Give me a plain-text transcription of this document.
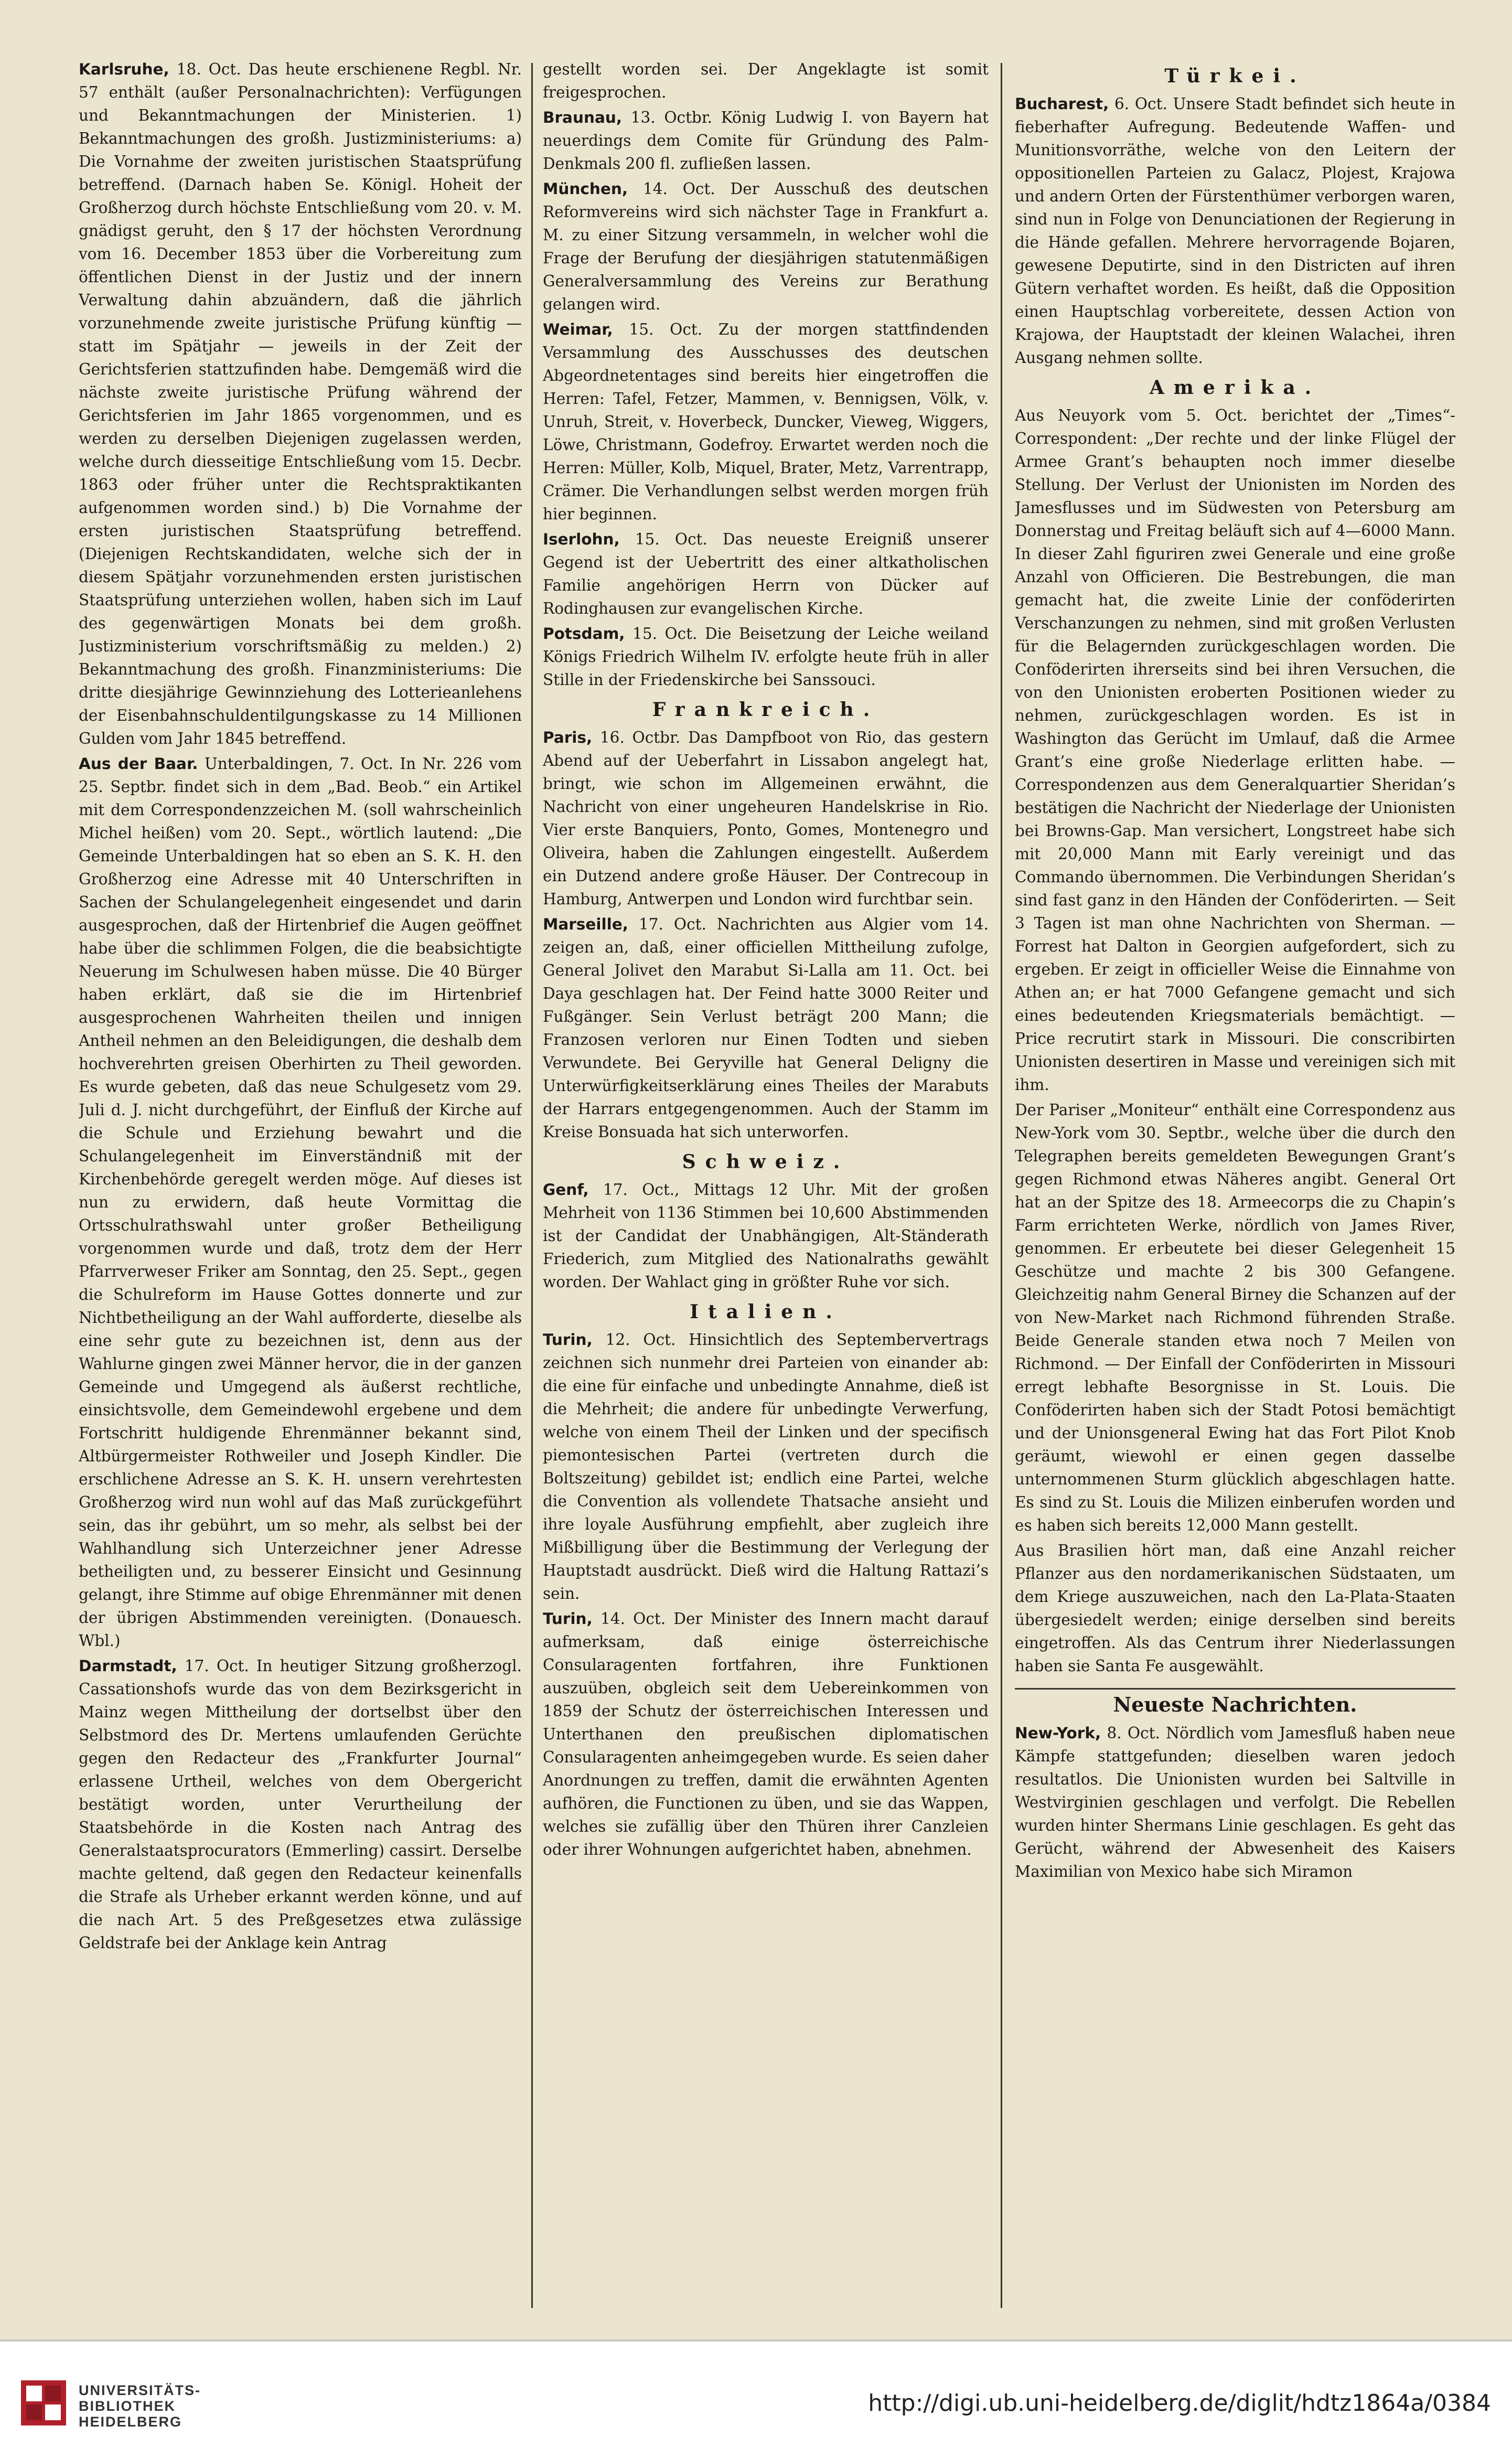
Karlsruhe, 18. Oct. Das heute erschienene Regbl. Nr. 57 enthält (außer Personalnachrichten): Verfügungen und Bekanntmachungen der Ministerien. 1) Bekanntmachungen des großh. Justizministeriums: a) Die Vornahme der zweiten juristischen Staatsprüfung betreffend. (Darnach haben Se. Königl. Hoheit der Großherzog durch höchste Entschließung vom 20. v. M. gnädigst geruht, den § 17 der höchsten Verordnung vom 16. December 1853 über die Vorbereitung zum öffentlichen Dienst in der Justiz und der innern Verwaltung dahin abzuändern, daß die jährlich vorzunehmende zweite juristische Prüfung künftig — statt im Spätjahr — jeweils in der Zeit der Gerichtsferien stattzufinden habe. Demgemäß wird die nächste zweite juristische Prüfung während der Gerichtsferien im Jahr 1865 vorgenommen, und es werden zu derselben Diejenigen zugelassen werden, welche durch diesseitige Entschließung vom 15. Decbr. 1863 oder früher unter die Rechtspraktikanten aufgenommen worden sind.) b) Die Vornahme der ersten juristischen Staatsprüfung betreffend. (Diejenigen Rechtskandidaten, welche sich der in diesem Spätjahr vorzunehmenden ersten juristischen Staatsprüfung unterziehen wollen, haben sich im Lauf des gegenwärtigen Monats bei dem großh. Justizministerium vorschriftsmäßig zu melden.) 2) Bekanntmachung des großh. Finanzministeriums: Die dritte diesjährige Gewinnziehung des Lotterieanlehens der Eisenbahnschuldentilgungskasse zu 14 Millionen Gulden vom Jahr 1845 betreffend.

Aus der Baar. Unterbaldingen, 7. Oct. In Nr. 226 vom 25. Septbr. findet sich in dem „Bad. Beob.“ ein Artikel mit dem Correspondenzzeichen M. (soll wahrscheinlich Michel heißen) vom 20. Sept., wörtlich lautend: „Die Gemeinde Unterbaldingen hat so eben an S. K. H. den Großherzog eine Adresse mit 40 Unterschriften in Sachen der Schulangelegenheit eingesendet und darin ausgesprochen, daß der Hirtenbrief die Augen geöffnet habe über die schlimmen Folgen, die die beabsichtigte Neuerung im Schulwesen haben müsse. Die 40 Bürger haben erklärt, daß sie die im Hirtenbrief ausgesprochenen Wahrheiten theilen und innigen Antheil nehmen an den Beleidigungen, die deshalb dem hochverehrten greisen Oberhirten zu Theil geworden. Es wurde gebeten, daß das neue Schulgesetz vom 29. Juli d. J. nicht durchgeführt, der Einfluß der Kirche auf die Schule und Erziehung bewahrt und die Schulangelegenheit im Einverständniß mit der Kirchenbehörde geregelt werden möge. Auf dieses ist nun zu erwidern, daß heute Vormittag die Ortsschulrathswahl unter großer Betheiligung vorgenommen wurde und daß, trotz dem der Herr Pfarrverweser Friker am Sonntag, den 25. Sept., gegen die Schulreform im Hause Gottes donnerte und zur Nichtbetheiligung an der Wahl aufforderte, dieselbe als eine sehr gute zu bezeichnen ist, denn aus der Wahlurne gingen zwei Männer hervor, die in der ganzen Gemeinde und Umgegend als äußerst rechtliche, einsichtsvolle, dem Gemeindewohl ergebene und dem Fortschritt huldigende Ehrenmänner bekannt sind, Altbürgermeister Rothweiler und Joseph Kindler. Die erschlichene Adresse an S. K. H. unsern verehrtesten Großherzog wird nun wohl auf das Maß zurückgeführt sein, das ihr gebührt, um so mehr, als selbst bei der Wahlhandlung sich Unterzeichner jener Adresse betheiligten und, zu besserer Einsicht und Gesinnung gelangt, ihre Stimme auf obige Ehrenmänner mit denen der übrigen Abstimmenden vereinigten. (Donauesch. Wbl.)

Darmstadt, 17. Oct. In heutiger Sitzung großherzogl. Cassationshofs wurde das von dem Bezirksgericht in Mainz wegen Mittheilung der dortselbst über den Selbstmord des Dr. Mertens umlaufenden Gerüchte gegen den Redacteur des „Frankfurter Journal“ erlassene Urtheil, welches von dem Obergericht bestätigt worden, unter Verurtheilung der Staatsbehörde in die Kosten nach Antrag des Generalstaatsprocurators (Emmerling) cassirt. Derselbe machte geltend, daß gegen den Redacteur keinenfalls die Strafe als Urheber erkannt werden könne, und auf die nach Art. 5 des Preßgesetzes etwa zulässige Geldstrafe bei der Anklage kein Antrag

gestellt worden sei. Der Angeklagte ist somit freigesprochen.

Braunau, 13. Octbr. König Ludwig I. von Bayern hat neuerdings dem Comite für Gründung des Palm-Denkmals 200 fl. zufließen lassen.

München, 14. Oct. Der Ausschuß des deutschen Reformvereins wird sich nächster Tage in Frankfurt a. M. zu einer Sitzung versammeln, in welcher wohl die Frage der Berufung der diesjährigen statutenmäßigen Generalversammlung des Vereins zur Berathung gelangen wird.

Weimar, 15. Oct. Zu der morgen stattfindenden Versammlung des Ausschusses des deutschen Abgeordnetentages sind bereits hier eingetroffen die Herren: Tafel, Fetzer, Mammen, v. Bennigsen, Völk, v. Unruh, Streit, v. Hoverbeck, Duncker, Vieweg, Wiggers, Löwe, Christmann, Godefroy. Erwartet werden noch die Herren: Müller, Kolb, Miquel, Brater, Metz, Varrentrapp, Crämer. Die Verhandlungen selbst werden morgen früh hier beginnen.

Iserlohn, 15. Oct. Das neueste Ereigniß unserer Gegend ist der Uebertritt des einer altkatholischen Familie angehörigen Herrn von Dücker auf Rodinghausen zur evangelischen Kirche.

Potsdam, 15. Oct. Die Beisetzung der Leiche weiland Königs Friedrich Wilhelm IV. erfolgte heute früh in aller Stille in der Friedenskirche bei Sanssouci.

Frankreich.

Paris, 16. Octbr. Das Dampfboot von Rio, das gestern Abend auf der Ueberfahrt in Lissabon angelegt hat, bringt, wie schon im Allgemeinen erwähnt, die Nachricht von einer ungeheuren Handelskrise in Rio. Vier erste Banquiers, Ponto, Gomes, Montenegro und Oliveira, haben die Zahlungen eingestellt. Außerdem ein Dutzend andere große Häuser. Der Contrecoup in Hamburg, Antwerpen und London wird furchtbar sein.

Marseille, 17. Oct. Nachrichten aus Algier vom 14. zeigen an, daß, einer officiellen Mittheilung zufolge, General Jolivet den Marabut Si-Lalla am 11. Oct. bei Daya geschlagen hat. Der Feind hatte 3000 Reiter und Fußgänger. Sein Verlust beträgt 200 Mann; die Franzosen verloren nur Einen Todten und sieben Verwundete. Bei Geryville hat General Deligny die Unterwürfigkeitserklärung eines Theiles der Marabuts der Harrars entgegengenommen. Auch der Stamm im Kreise Bonsuada hat sich unterworfen.

Schweiz.

Genf, 17. Oct., Mittags 12 Uhr. Mit der großen Mehrheit von 1136 Stimmen bei 10,600 Abstimmenden ist der Candidat der Unabhängigen, Alt-Ständerath Friederich, zum Mitglied des Nationalraths gewählt worden. Der Wahlact ging in größter Ruhe vor sich.

Italien.

Turin, 12. Oct. Hinsichtlich des Septembervertrags zeichnen sich nunmehr drei Parteien von einander ab: die eine für einfache und unbedingte Annahme, dieß ist die Mehrheit; die andere für unbedingte Verwerfung, welche von einem Theil der Linken und der specifisch piemontesischen Partei (vertreten durch die Boltszeitung) gebildet ist; endlich eine Partei, welche die Convention als vollendete Thatsache ansieht und ihre loyale Ausführung empfiehlt, aber zugleich ihre Mißbilligung über die Bestimmung der Verlegung der Hauptstadt ausdrückt. Dieß wird die Haltung Rattazi’s sein.

Turin, 14. Oct. Der Minister des Innern macht darauf aufmerksam, daß einige österreichische Consularagenten fortfahren, ihre Funktionen auszuüben, obgleich seit dem Uebereinkommen von 1859 der Schutz der österreichischen Interessen und Unterthanen den preußischen diplomatischen Consularagenten anheimgegeben wurde. Es seien daher Anordnungen zu treffen, damit die erwähnten Agenten aufhören, die Functionen zu üben, und sie das Wappen, welches sie zufällig über den Thüren ihrer Canzleien oder ihrer Wohnungen aufgerichtet haben, abnehmen.

Türkei.

Bucharest, 6. Oct. Unsere Stadt befindet sich heute in fieberhafter Aufregung. Bedeutende Waffen- und Munitionsvorräthe, welche von den Leitern der oppositionellen Parteien zu Galacz, Plojest, Krajowa und andern Orten der Fürstenthümer verborgen waren, sind nun in Folge von Denunciationen der Regierung in die Hände gefallen. Mehrere hervorragende Bojaren, gewesene Deputirte, sind in den Districten auf ihren Gütern verhaftet worden. Es heißt, daß die Opposition einen Hauptschlag vorbereitete, dessen Action von Krajowa, der Hauptstadt der kleinen Walachei, ihren Ausgang nehmen sollte.

Amerika.

Aus Neuyork vom 5. Oct. berichtet der „Times“-Correspondent: „Der rechte und der linke Flügel der Armee Grant’s behaupten noch immer dieselbe Stellung. Der Verlust der Unionisten im Norden des Jamesflusses und im Südwesten von Petersburg am Donnerstag und Freitag beläuft sich auf 4—6000 Mann. In dieser Zahl figuriren zwei Generale und eine große Anzahl von Officieren. Die Bestrebungen, die man gemacht hat, die zweite Linie der conföderirten Verschanzungen zu nehmen, sind mit großen Verlusten für die Belagernden zurückgeschlagen worden. Die Conföderirten ihrerseits sind bei ihren Versuchen, die von den Unionisten eroberten Positionen wieder zu nehmen, zurückgeschlagen worden. Es ist in Washington das Gerücht im Umlauf, daß die Armee Grant’s eine große Niederlage erlitten habe. — Correspondenzen aus dem Generalquartier Sheridan’s bestätigen die Nachricht der Niederlage der Unionisten bei Browns-Gap. Man versichert, Longstreet habe sich mit 20,000 Mann mit Early vereinigt und das Commando übernommen. Die Verbindungen Sheridan’s sind fast ganz in den Händen der Conföderirten. — Seit 3 Tagen ist man ohne Nachrichten von Sherman. — Forrest hat Dalton in Georgien aufgefordert, sich zu ergeben. Er zeigt in officieller Weise die Einnahme von Athen an; er hat 7000 Gefangene gemacht und sich eines bedeutenden Kriegsmaterials bemächtigt. — Price recrutirt stark in Missouri. Die conscribirten Unionisten desertiren in Masse und vereinigen sich mit ihm.

Der Pariser „Moniteur“ enthält eine Correspondenz aus New-York vom 30. Septbr., welche über die durch den Telegraphen bereits gemeldeten Bewegungen Grant’s gegen Richmond etwas Näheres angibt. General Ort hat an der Spitze des 18. Armeecorps die zu Chapin’s Farm errichteten Werke, nördlich von James River, genommen. Er erbeutete bei dieser Gelegenheit 15 Geschütze und machte 2 bis 300 Gefangene. Gleichzeitig nahm General Birney die Schanzen auf der von New-Market nach Richmond führenden Straße. Beide Generale standen etwa noch 7 Meilen von Richmond. — Der Einfall der Conföderirten in Missouri erregt lebhafte Besorgnisse in St. Louis. Die Conföderirten haben sich der Stadt Potosi bemächtigt und der Unionsgeneral Ewing hat das Fort Pilot Knob geräumt, wiewohl er einen gegen dasselbe unternommenen Sturm glücklich abgeschlagen hatte. Es sind zu St. Louis die Milizen einberufen worden und es haben sich bereits 12,000 Mann gestellt.

Aus Brasilien hört man, daß eine Anzahl reicher Pflanzer aus den nordamerikanischen Südstaaten, um dem Kriege auszuweichen, nach den La-Plata-Staaten übergesiedelt werden; einige derselben sind bereits eingetroffen. Als das Centrum ihrer Niederlassungen haben sie Santa Fe ausgewählt.

Neueste Nachrichten.

New-York, 8. Oct. Nördlich vom Jamesfluß haben neue Kämpfe stattgefunden; dieselben waren jedoch resultatlos. Die Unionisten wurden bei Saltville in Westvirginien geschlagen und verfolgt. Die Rebellen wurden hinter Shermans Linie geschlagen. Es geht das Gerücht, während der Abwesenheit des Kaisers Maximilian von Mexico habe sich Miramon

UNIVERSITÄTS-
BIBLIOTHEK
HEIDELBERG

http://digi.ub.uni-heidelberg.de/diglit/hdtz1864a/0384
